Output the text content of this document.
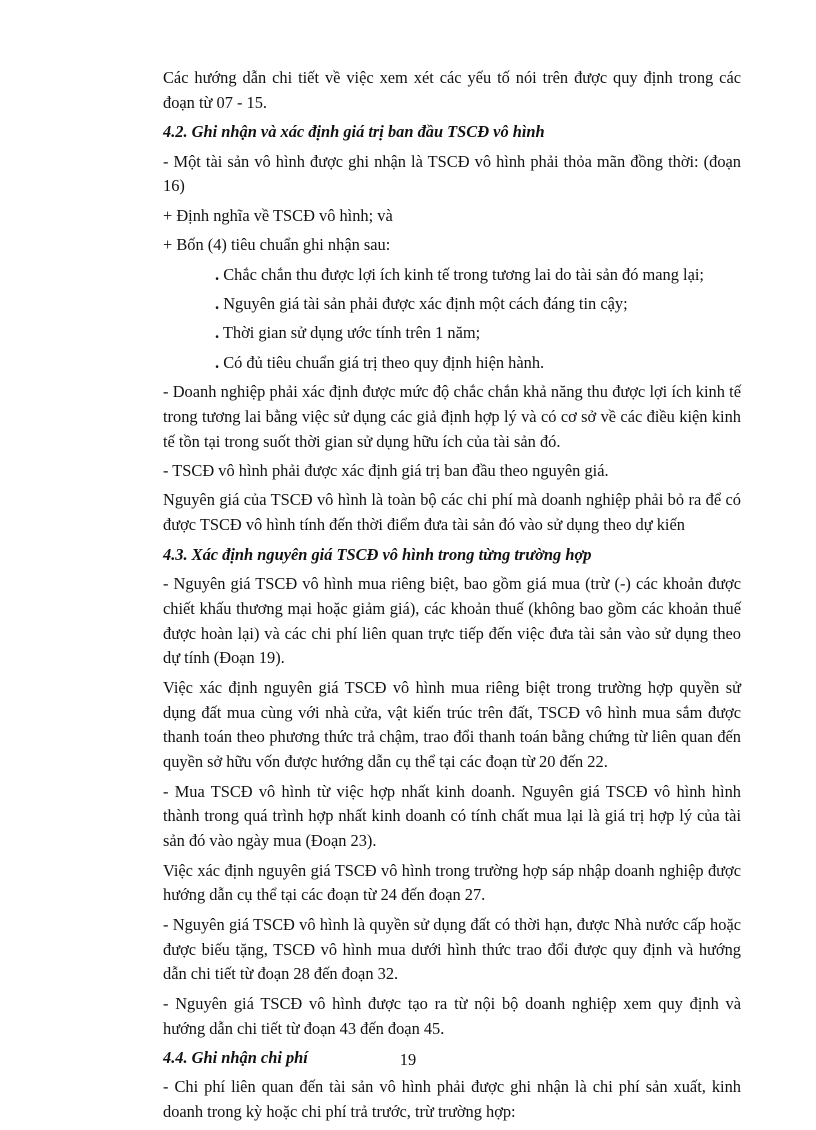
Các hướng dẫn chi tiết về việc xem xét các yếu tố nói trên được quy định trong các đoạn từ 07 - 15.

4.2. Ghi nhận và xác định giá trị ban đầu TSCĐ vô hình

- Một tài sản vô hình được ghi nhận là TSCĐ vô hình phải thỏa mãn đồng thời: (đoạn 16)

+ Định nghĩa về TSCĐ vô hình; và

+ Bốn (4) tiêu chuẩn ghi nhận sau:

. Chắc chắn thu được lợi ích kinh tế trong tương lai do tài sản đó mang lại;

. Nguyên giá tài sản phải được xác định một cách đáng tin cậy;

. Thời gian sử dụng ước tính trên 1 năm;

. Có đủ tiêu chuẩn giá trị theo quy định hiện hành.

- Doanh nghiệp phải xác định được mức độ chắc chắn khả năng thu được lợi ích kinh tế trong tương lai bằng việc sử dụng các giả định hợp lý và có cơ sở về các điều kiện kinh tế tồn tại trong suốt thời gian sử dụng hữu ích của tài sản đó.

- TSCĐ vô hình phải được xác định giá trị ban đầu theo nguyên giá.

Nguyên giá của TSCĐ vô hình là toàn bộ các chi phí mà doanh nghiệp phải bỏ ra để có được TSCĐ vô hình tính đến thời điểm đưa tài sản đó vào sử dụng theo dự kiến

4.3. Xác định nguyên giá TSCĐ vô hình trong từng trường hợp

- Nguyên giá TSCĐ vô hình mua riêng biệt, bao gồm giá mua (trừ (-) các khoản được chiết khấu thương mại hoặc giảm giá), các khoản thuế (không bao gồm các khoản thuế được hoàn lại) và các chi phí liên quan trực tiếp đến việc đưa tài sản vào sử dụng theo dự tính (Đoạn 19).

Việc xác định nguyên giá TSCĐ vô hình mua riêng biệt trong trường hợp quyền sử dụng đất mua cùng với nhà cửa, vật kiến trúc trên đất, TSCĐ vô hình mua sắm được thanh toán theo phương thức trả chậm, trao đổi thanh toán bằng chứng từ liên quan đến quyền sở hữu vốn được hướng dẫn cụ thể tại các đoạn từ 20 đến 22.

- Mua TSCĐ vô hình từ việc hợp nhất kinh doanh. Nguyên giá TSCĐ vô hình hình thành trong quá trình hợp nhất kinh doanh có tính chất mua lại là giá trị hợp lý của tài sản đó vào ngày mua (Đoạn 23).

Việc xác định nguyên giá TSCĐ vô hình trong trường hợp sáp nhập doanh nghiệp được hướng dẫn cụ thể tại các đoạn từ 24 đến đoạn 27.

- Nguyên giá TSCĐ vô hình là quyền sử dụng đất có thời hạn, được Nhà nước cấp hoặc được biếu tặng, TSCĐ vô hình mua dưới hình thức trao đổi được quy định và hướng dẫn chi tiết từ đoạn 28 đến đoạn 32.

- Nguyên giá TSCĐ vô hình được tạo ra từ nội bộ doanh nghiệp xem quy định và hướng dẫn chi tiết từ đoạn 43 đến đoạn 45.

4.4. Ghi nhận chi phí

- Chi phí liên quan đến tài sản vô hình phải được ghi nhận là chi phí sản xuất, kinh doanh trong kỳ hoặc chi phí trả trước, trừ trường hợp:

19
